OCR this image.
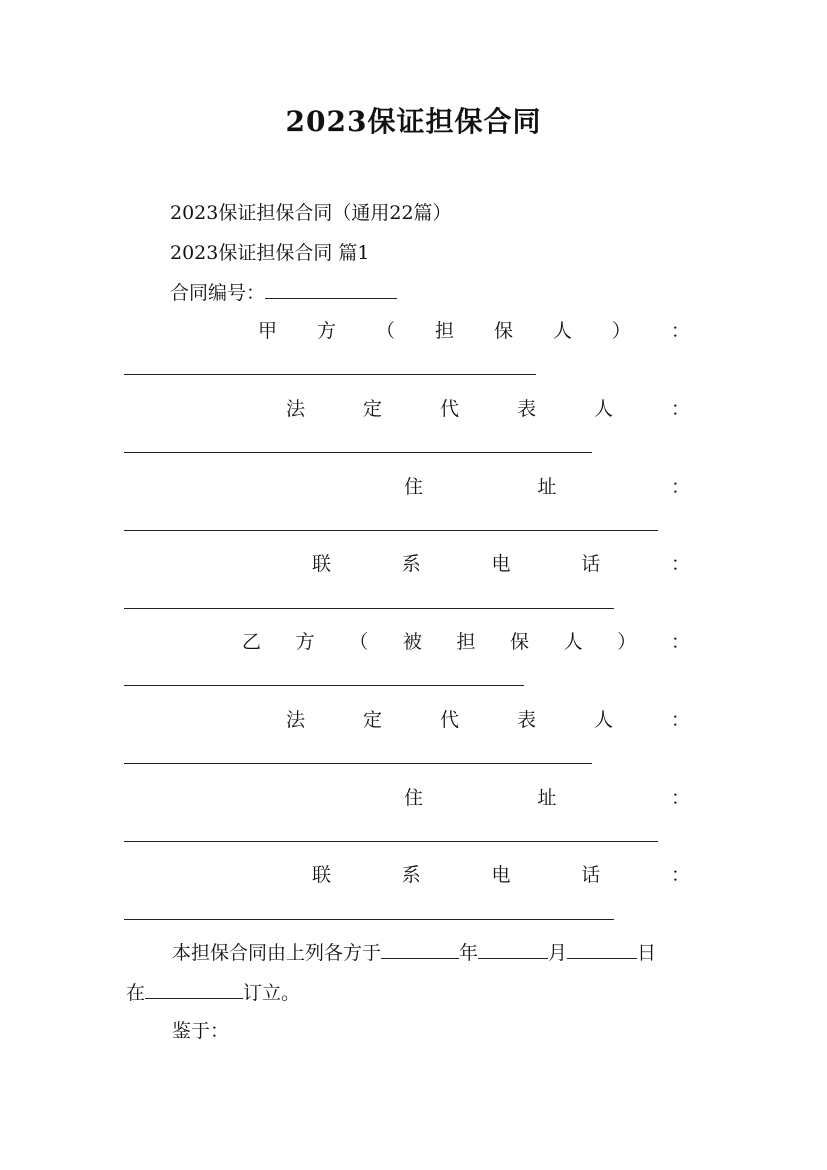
2023保证担保合同
2023保证担保合同（通用22篇）
2023保证担保合同 篇1
合同编号：
甲 方 （ 担 保 人 ） ：
法	定	代	表	人	：
住	址	：
联	系	电	话	：
乙 方 （ 被 担 保 人 ） ：
法	定	代	表	人	：
住	址	：
联	系	电	话	：
本担保合同由上列各方于	年	月	日
在	订立。
鉴于：
